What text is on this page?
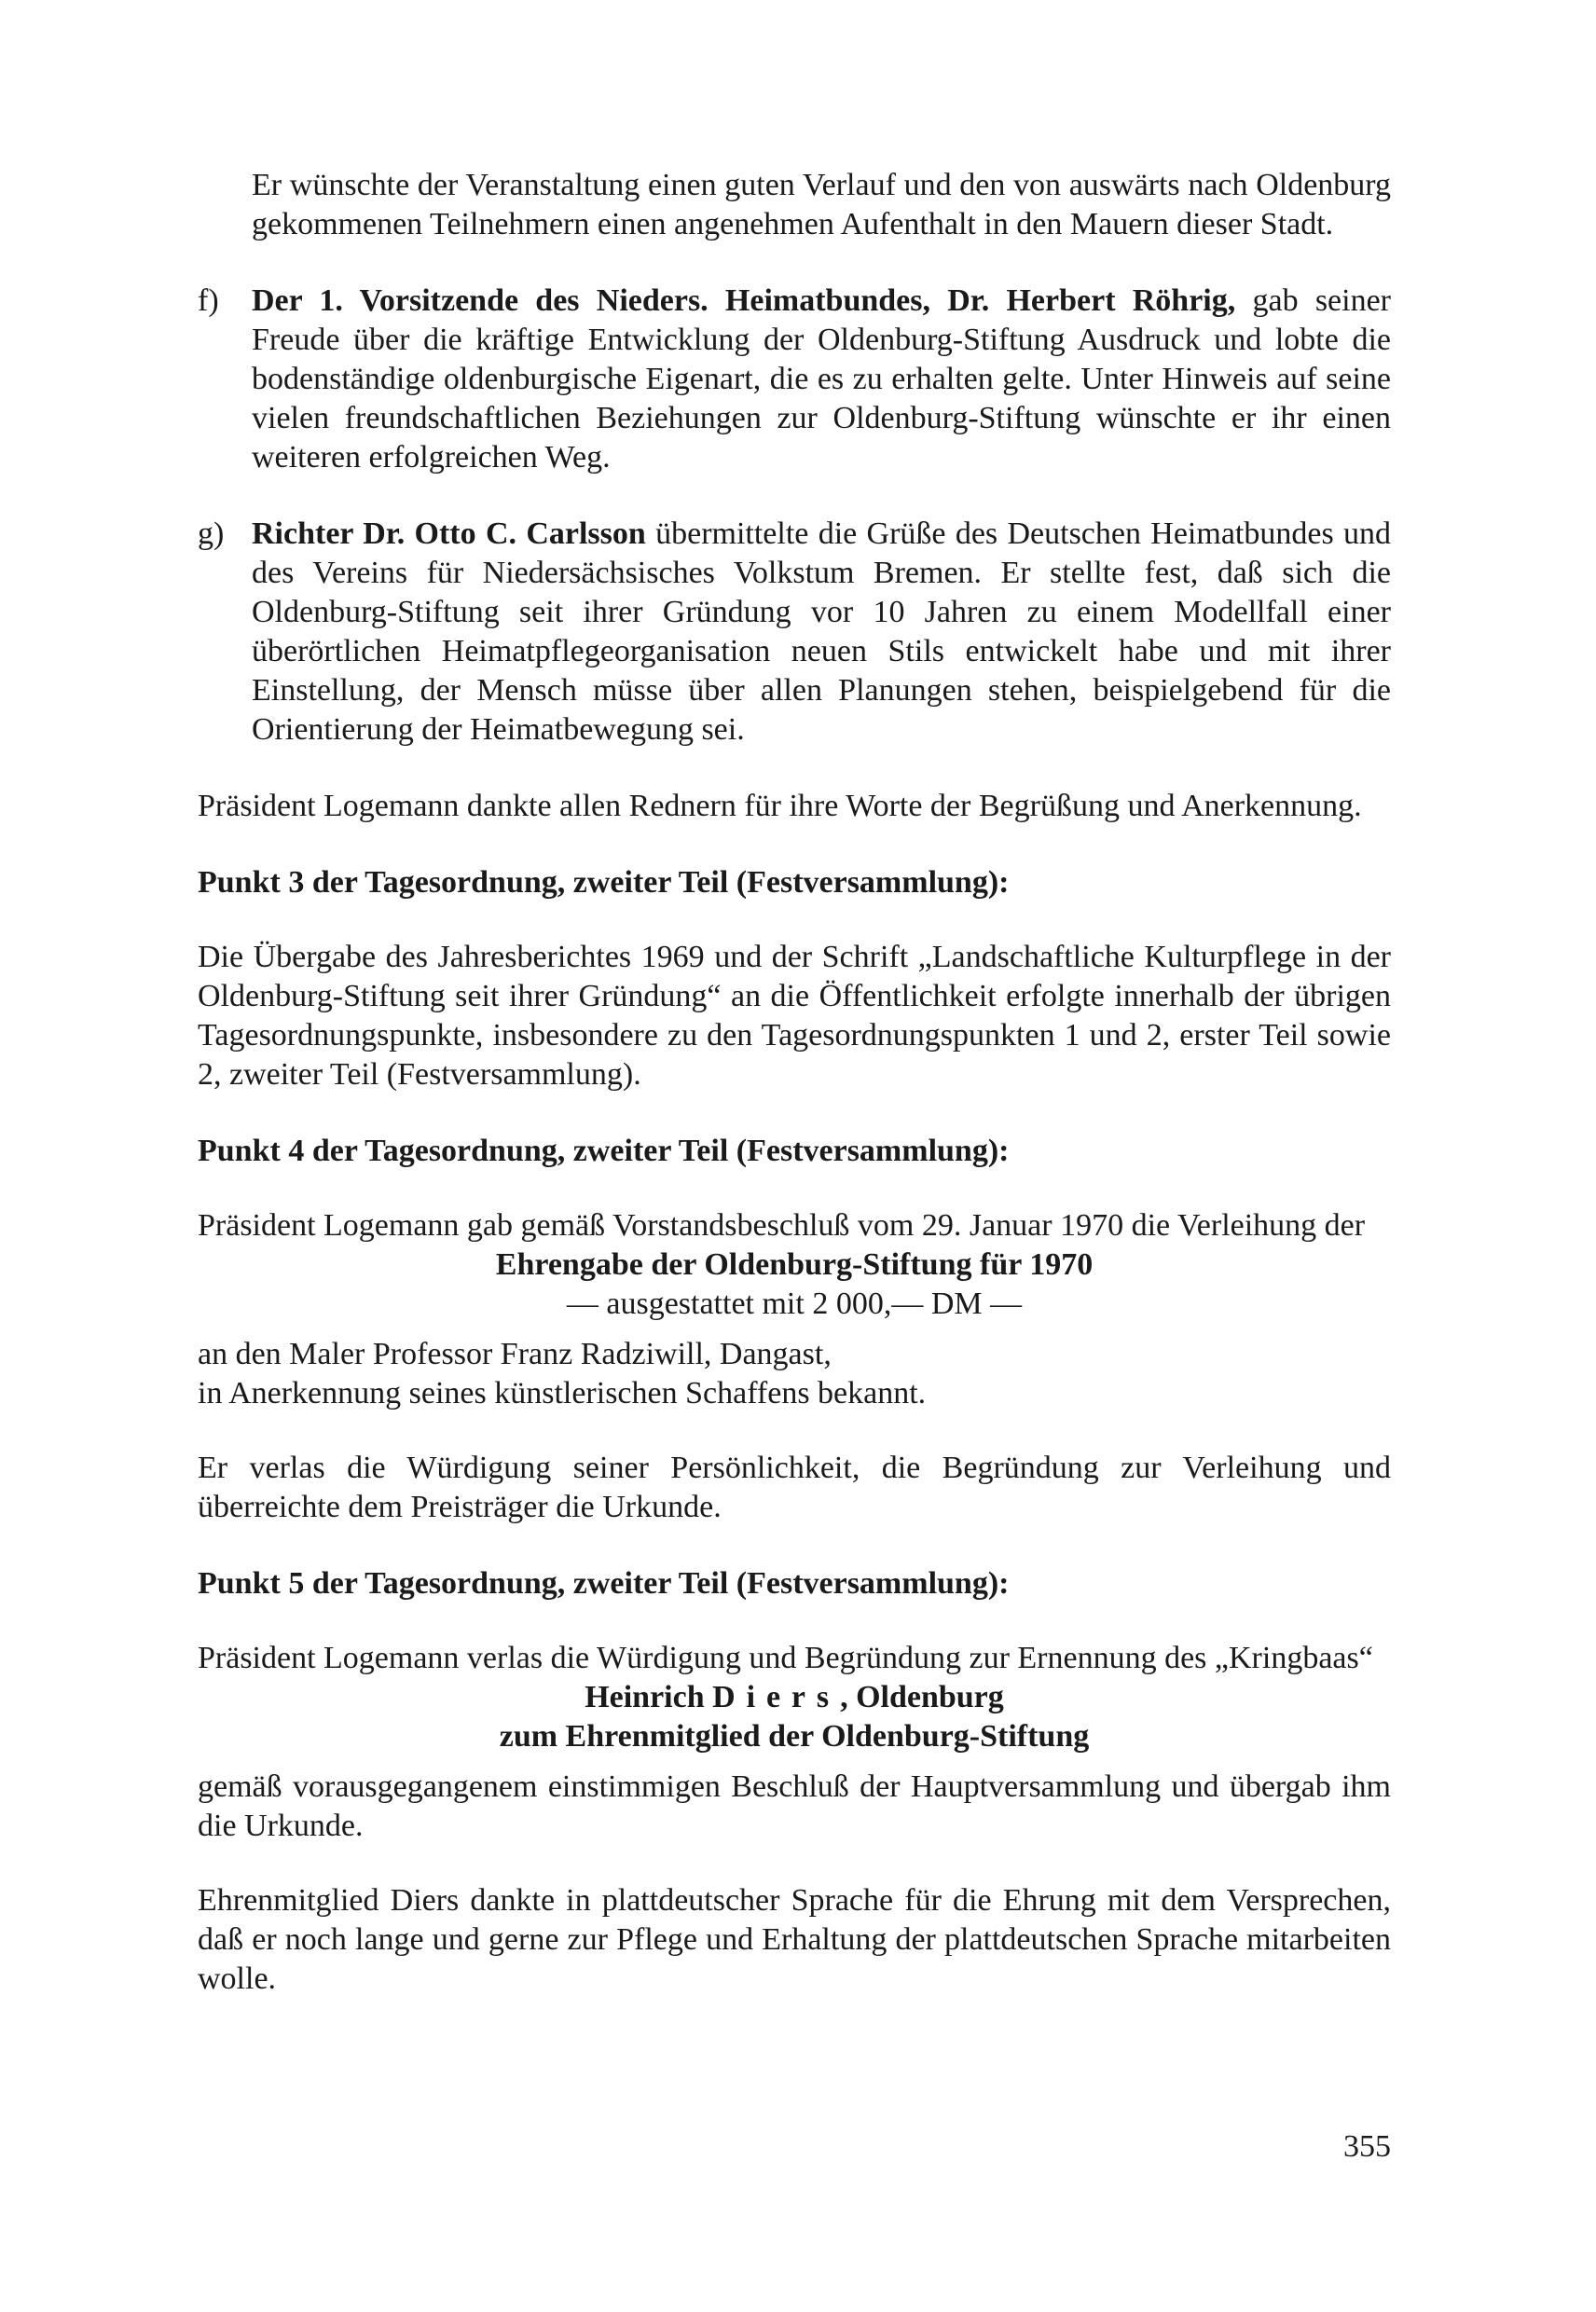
Er wünschte der Veranstaltung einen guten Verlauf und den von auswärts nach Oldenburg gekommenen Teilnehmern einen angenehmen Aufenthalt in den Mauern dieser Stadt.

f) Der 1. Vorsitzende des Nieders. Heimatbundes, Dr. Herbert Röhrig, gab seiner Freude über die kräftige Entwicklung der Oldenburg-Stiftung Ausdruck und lobte die bodenständige oldenburgische Eigenart, die es zu erhalten gelte. Unter Hinweis auf seine vielen freundschaftlichen Beziehungen zur Oldenburg-Stiftung wünschte er ihr einen weiteren erfolgreichen Weg.

g) Richter Dr. Otto C. Carlsson übermittelte die Grüße des Deutschen Heimatbundes und des Vereins für Niedersächsisches Volkstum Bremen. Er stellte fest, daß sich die Oldenburg-Stiftung seit ihrer Gründung vor 10 Jahren zu einem Modellfall einer überörtlichen Heimatpflegeorganisation neuen Stils entwickelt habe und mit ihrer Einstellung, der Mensch müsse über allen Planungen stehen, beispielgebend für die Orientierung der Heimatbewegung sei.

Präsident Logemann dankte allen Rednern für ihre Worte der Begrüßung und Anerkennung.

Punkt 3 der Tagesordnung, zweiter Teil (Festversammlung):

Die Übergabe des Jahresberichtes 1969 und der Schrift „Landschaftliche Kulturpflege in der Oldenburg-Stiftung seit ihrer Gründung“ an die Öffentlichkeit erfolgte innerhalb der übrigen Tagesordnungspunkte, insbesondere zu den Tagesordnungspunkten 1 und 2, erster Teil sowie 2, zweiter Teil (Festversammlung).

Punkt 4 der Tagesordnung, zweiter Teil (Festversammlung):

Präsident Logemann gab gemäß Vorstandsbeschluß vom 29. Januar 1970 die Verleihung der

Ehrengabe der Oldenburg-Stiftung für 1970

— ausgestattet mit 2 000,— DM —

an den Maler Professor Franz Radziwill, Dangast,

in Anerkennung seines künstlerischen Schaffens bekannt.

Er verlas die Würdigung seiner Persönlichkeit, die Begründung zur Verleihung und überreichte dem Preisträger die Urkunde.

Punkt 5 der Tagesordnung, zweiter Teil (Festversammlung):

Präsident Logemann verlas die Würdigung und Begründung zur Ernennung des „Kringbaas“

Heinrich Diers, Oldenburg

zum Ehrenmitglied der Oldenburg-Stiftung

gemäß vorausgegangenem einstimmigen Beschluß der Hauptversammlung und übergab ihm die Urkunde.

Ehrenmitglied Diers dankte in plattdeutscher Sprache für die Ehrung mit dem Versprechen, daß er noch lange und gerne zur Pflege und Erhaltung der plattdeutschen Sprache mitarbeiten wolle.

355
